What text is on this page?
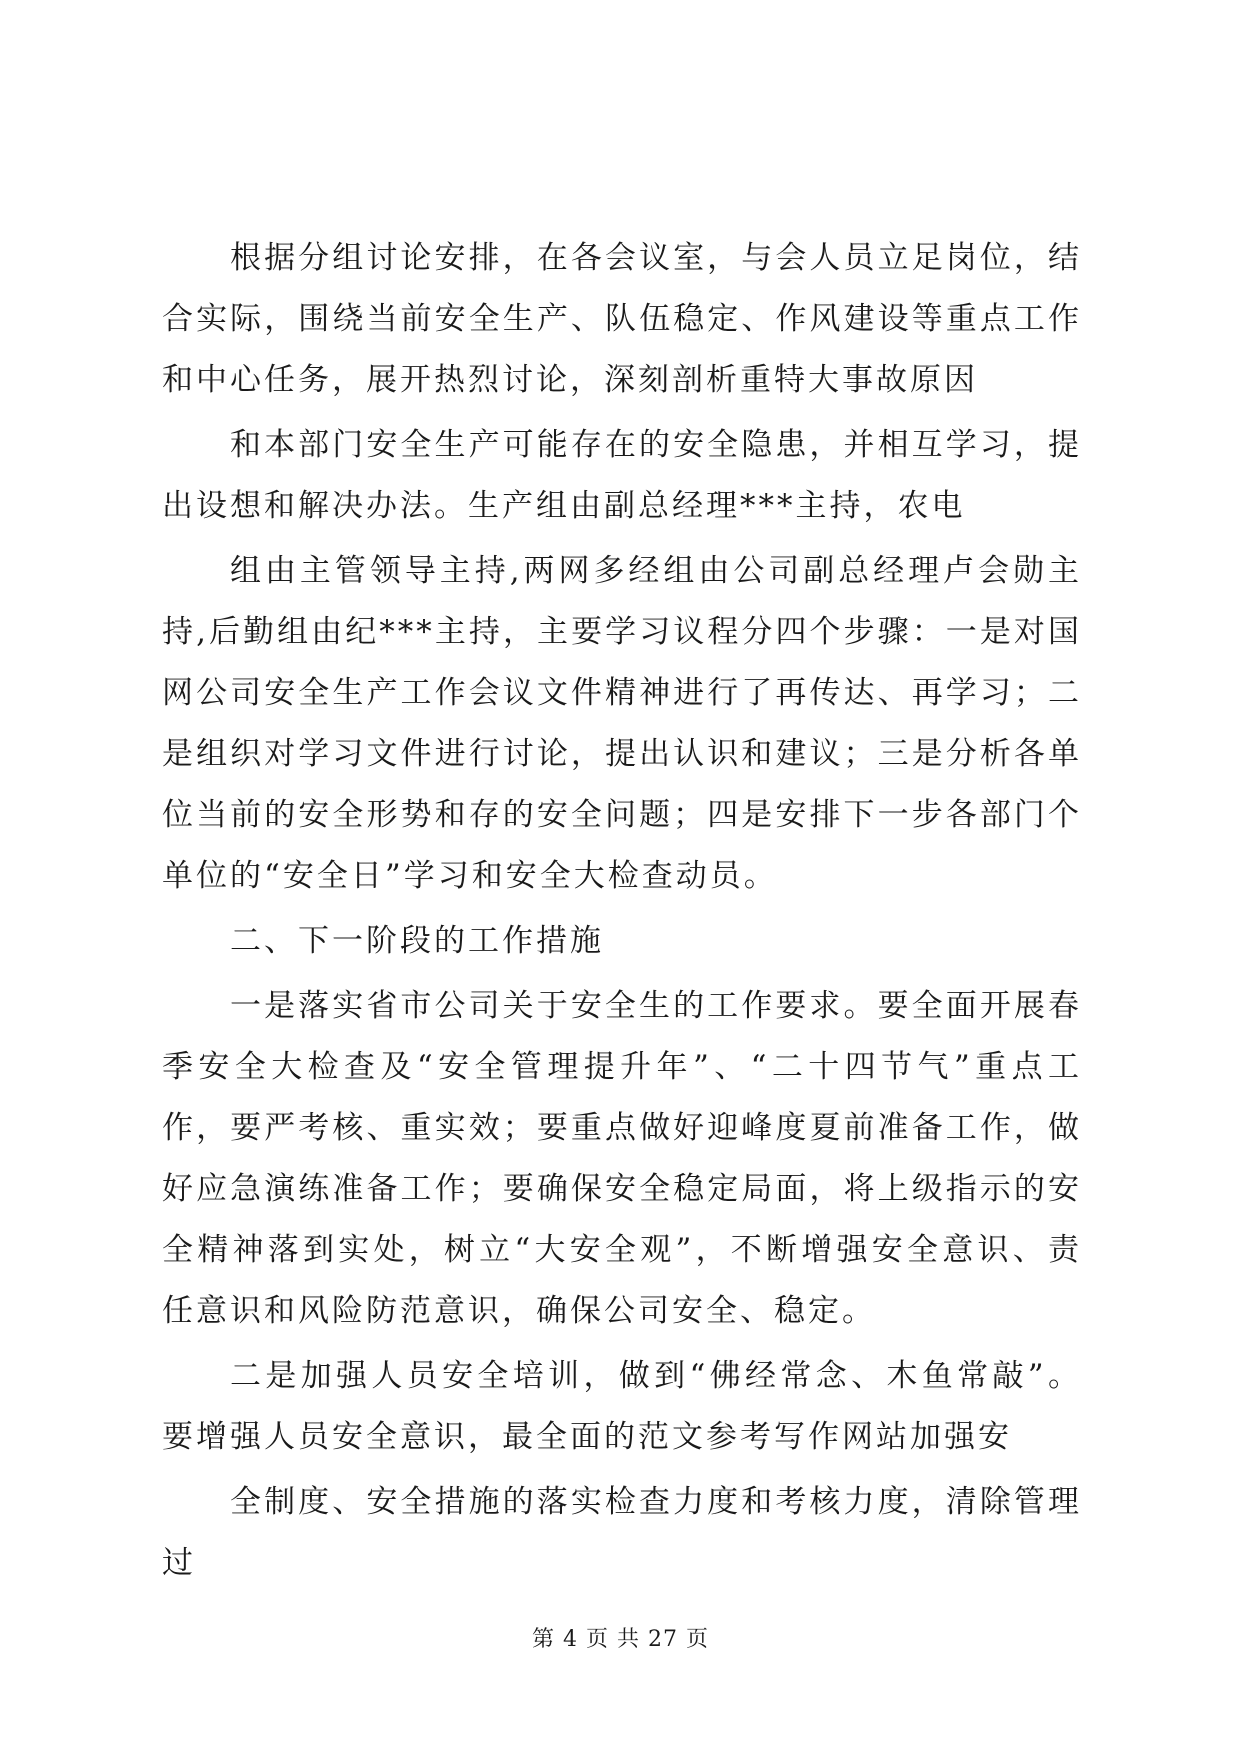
根据分组讨论安排，在各会议室，与会人员立足岗位，结合实际，围绕当前安全生产、队伍稳定、作风建设等重点工作和中心任务，展开热烈讨论，深刻剖析重特大事故原因

和本部门安全生产可能存在的安全隐患，并相互学习，提出设想和解决办法。生产组由副总经理***主持，农电

组由主管领导主持,两网多经组由公司副总经理卢会勋主持,后勤组由纪***主持，主要学习议程分四个步骤：一是对国网公司安全生产工作会议文件精神进行了再传达、再学习；二是组织对学习文件进行讨论，提出认识和建议；三是分析各单位当前的安全形势和存的安全问题；四是安排下一步各部门个单位的“安全日”学习和安全大检查动员。

二、下一阶段的工作措施

一是落实省市公司关于安全生的工作要求。要全面开展春季安全大检查及“安全管理提升年”、“二十四节气”重点工作，要严考核、重实效；要重点做好迎峰度夏前准备工作，做好应急演练准备工作；要确保安全稳定局面，将上级指示的安全精神落到实处，树立“大安全观”，不断增强安全意识、责任意识和风险防范意识，确保公司安全、稳定。

二是加强人员安全培训，做到“佛经常念、木鱼常敲”。要增强人员安全意识，最全面的范文参考写作网站加强安

全制度、安全措施的落实检查力度和考核力度，清除管理过

第 4 页 共 27 页
